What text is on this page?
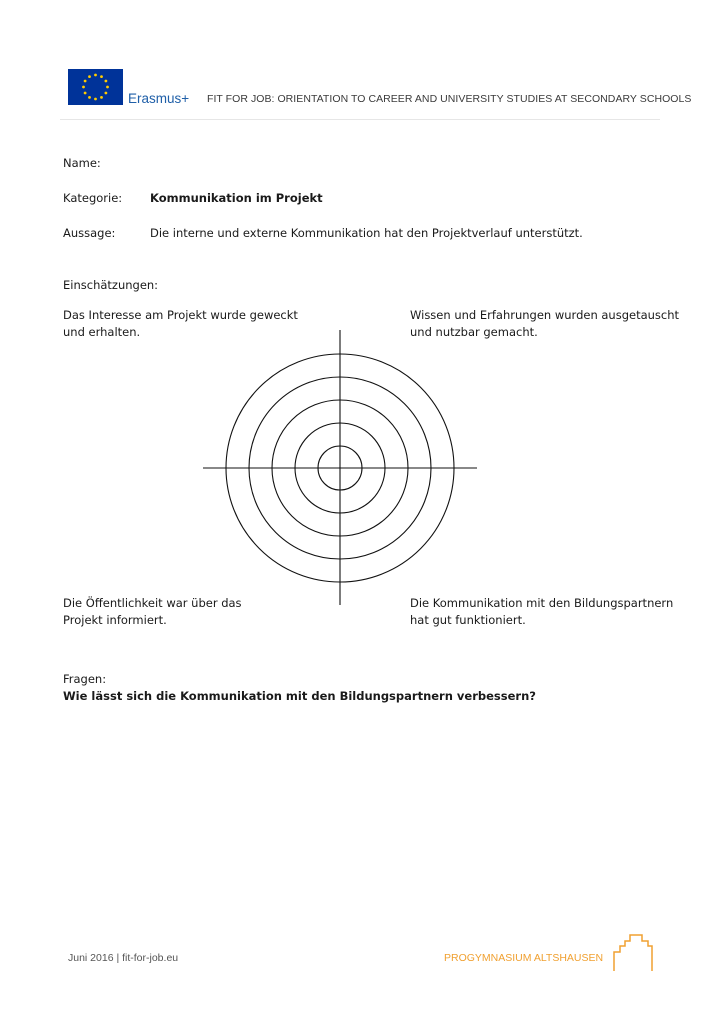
Erasmus+ FIT FOR JOB: ORIENTATION TO CAREER AND UNIVERSITY STUDIES AT SECONDARY SCHOOLS
Name:
Kategorie: Kommunikation im Projekt
Aussage:	Die interne und externe Kommunikation hat den Projektverlauf unterstützt.
Einschätzungen:
Das Interesse am Projekt wurde geweckt
und erhalten.
Wissen und Erfahrungen wurden ausgetauscht
und nutzbar gemacht.
Die Öffentlichkeit war über das
Projekt informiert.
Die Kommunikation mit den Bildungspartnern
hat gut funktioniert.
Fragen:
Wie lässt sich die Kommunikation mit den Bildungspartnern verbessern?
Juni 2016 | fit-for-job.eu	PROGYMNASIUM ALTSHAUSEN
